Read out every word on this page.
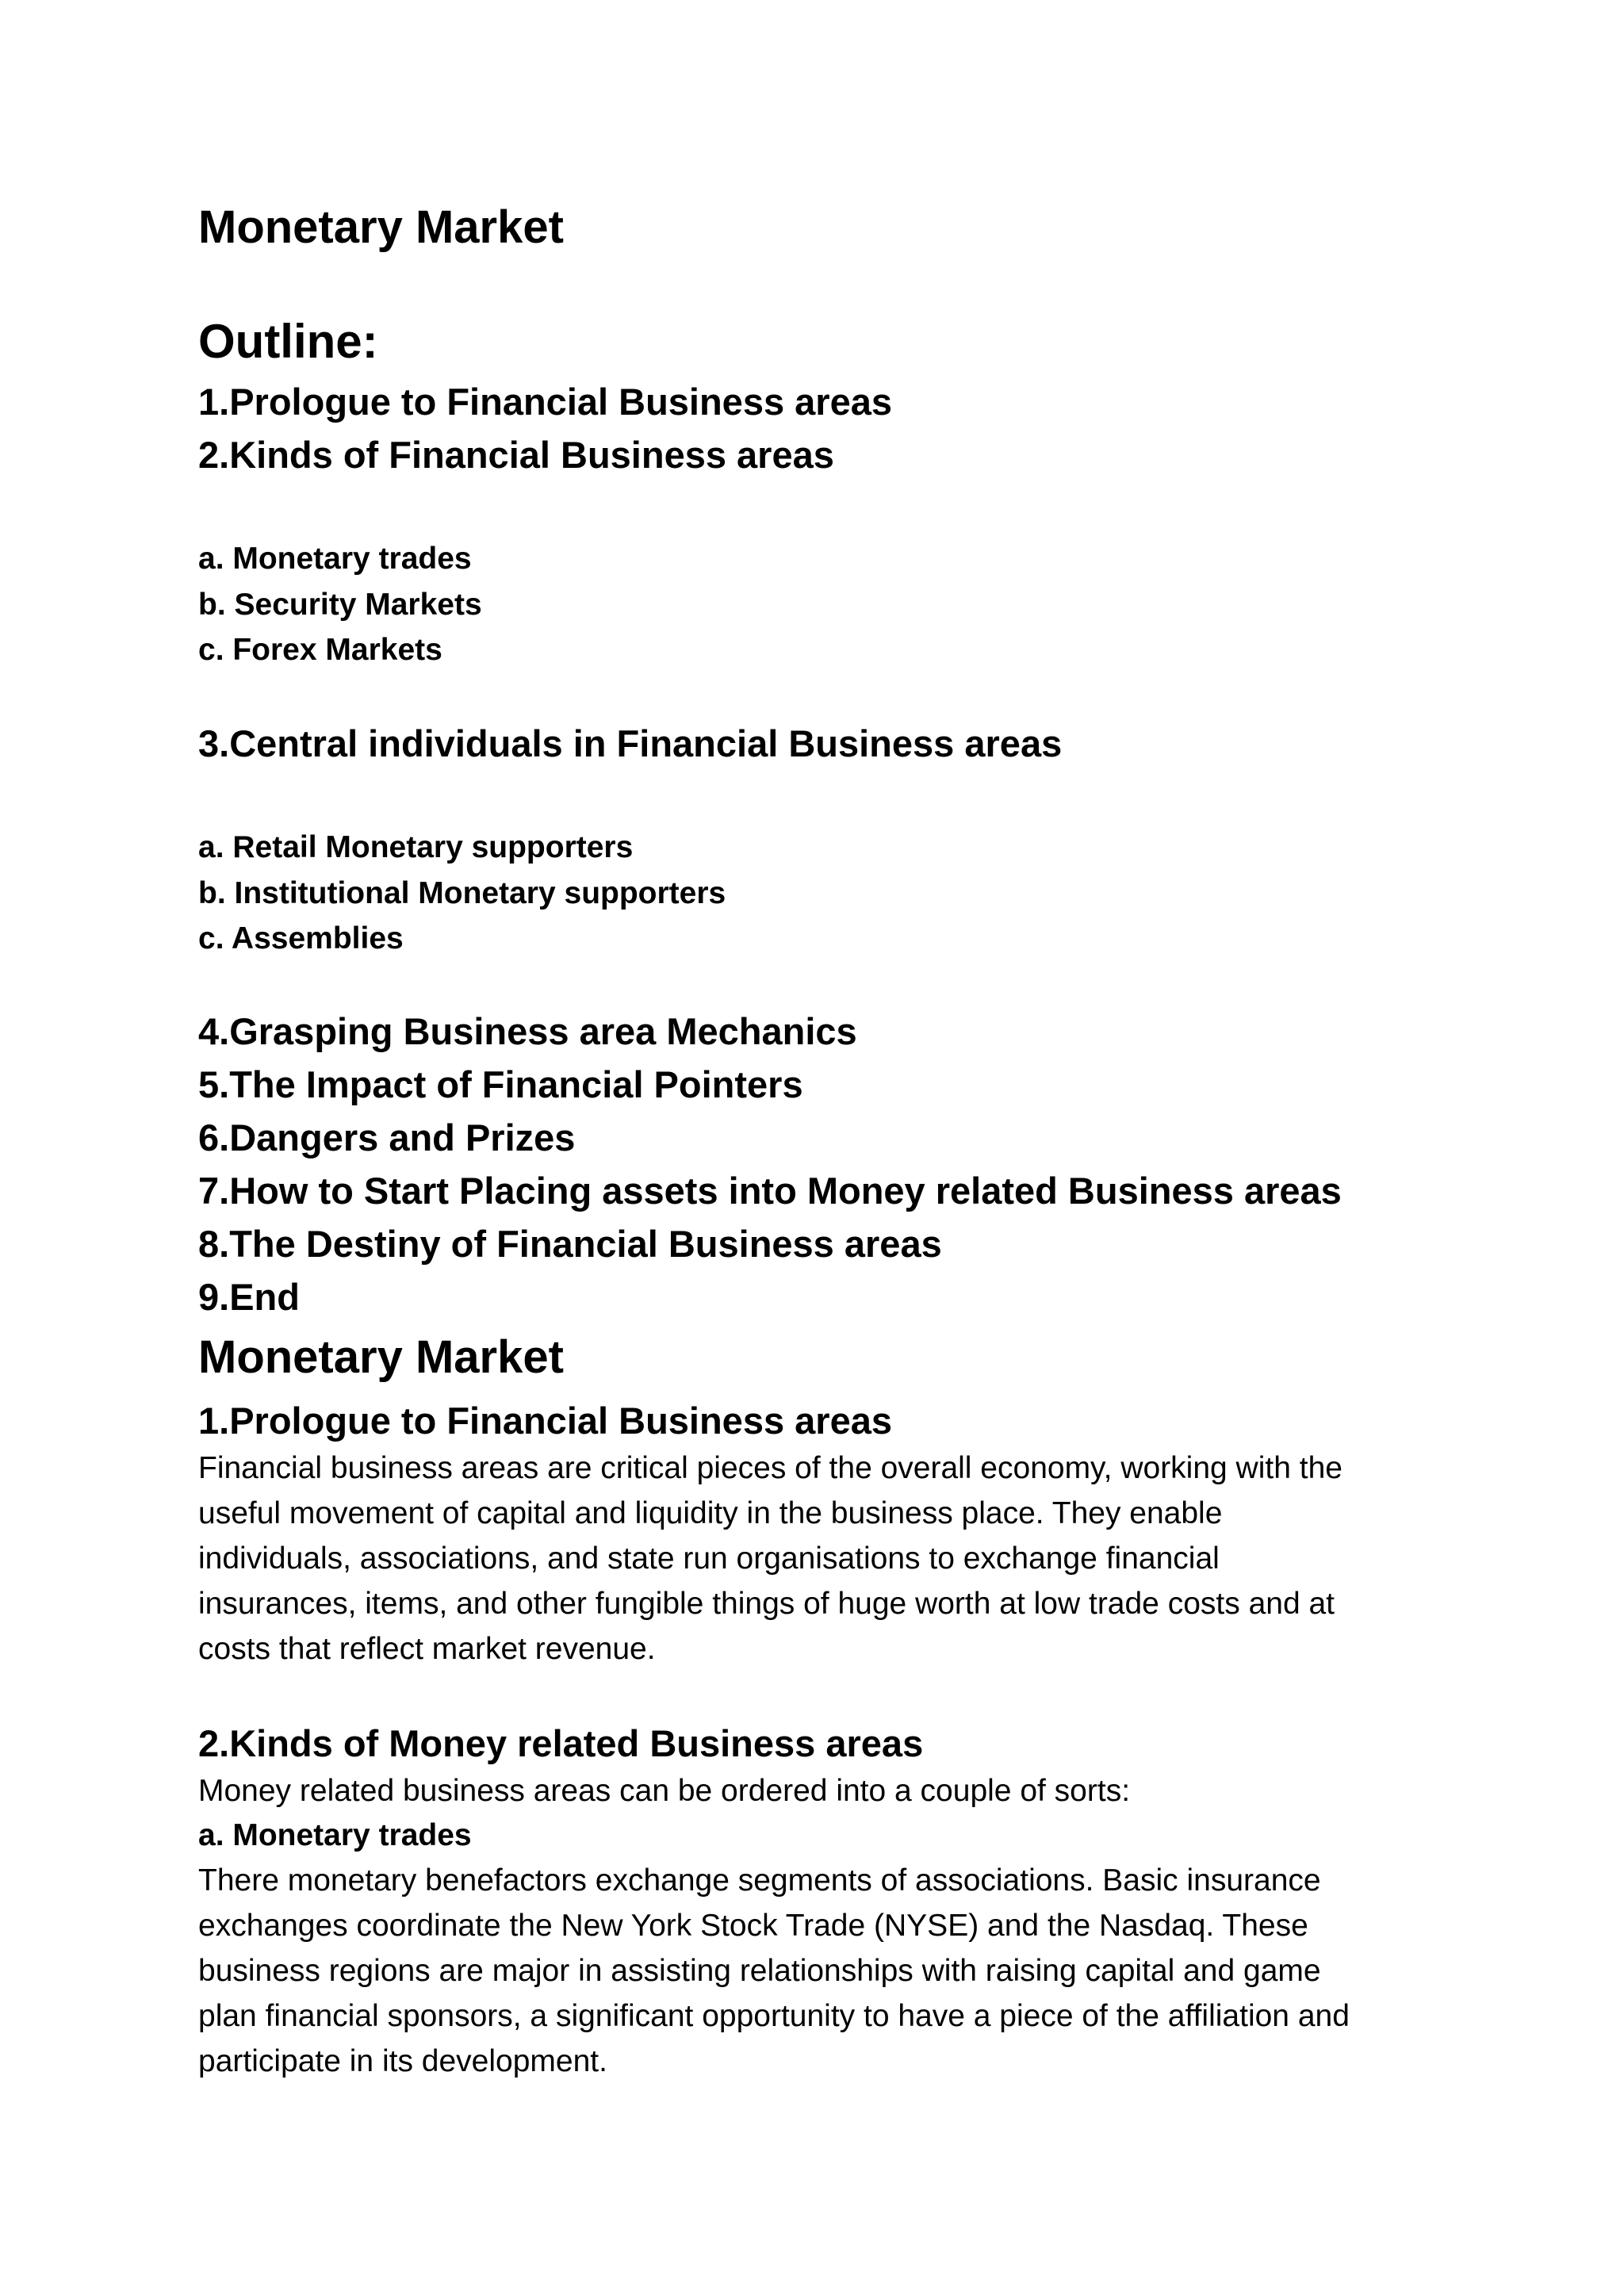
Monetary Market
Outline:
1.Prologue to Financial Business areas
2.Kinds of Financial Business areas
a. Monetary trades
b. Security Markets
c. Forex Markets
3.Central individuals in Financial Business areas
a. Retail Monetary supporters
b. Institutional Monetary supporters
c. Assemblies
4.Grasping Business area Mechanics
5.The Impact of Financial Pointers
6.Dangers and Prizes
7.How to Start Placing assets into Money related Business areas
8.The Destiny of Financial Business areas
9.End
Monetary Market
1.Prologue to Financial Business areas
Financial business areas are critical pieces of the overall economy, working with the
useful movement of capital and liquidity in the business place. They enable
individuals, associations, and state run organisations to exchange financial
insurances, items, and other fungible things of huge worth at low trade costs and at
costs that reflect market revenue.
2.Kinds of Money related Business areas
Money related business areas can be ordered into a couple of sorts:
a. Monetary trades
There monetary benefactors exchange segments of associations. Basic insurance
exchanges coordinate the New York Stock Trade (NYSE) and the Nasdaq. These
business regions are major in assisting relationships with raising capital and game
plan financial sponsors, a significant opportunity to have a piece of the affiliation and
participate in its development.
